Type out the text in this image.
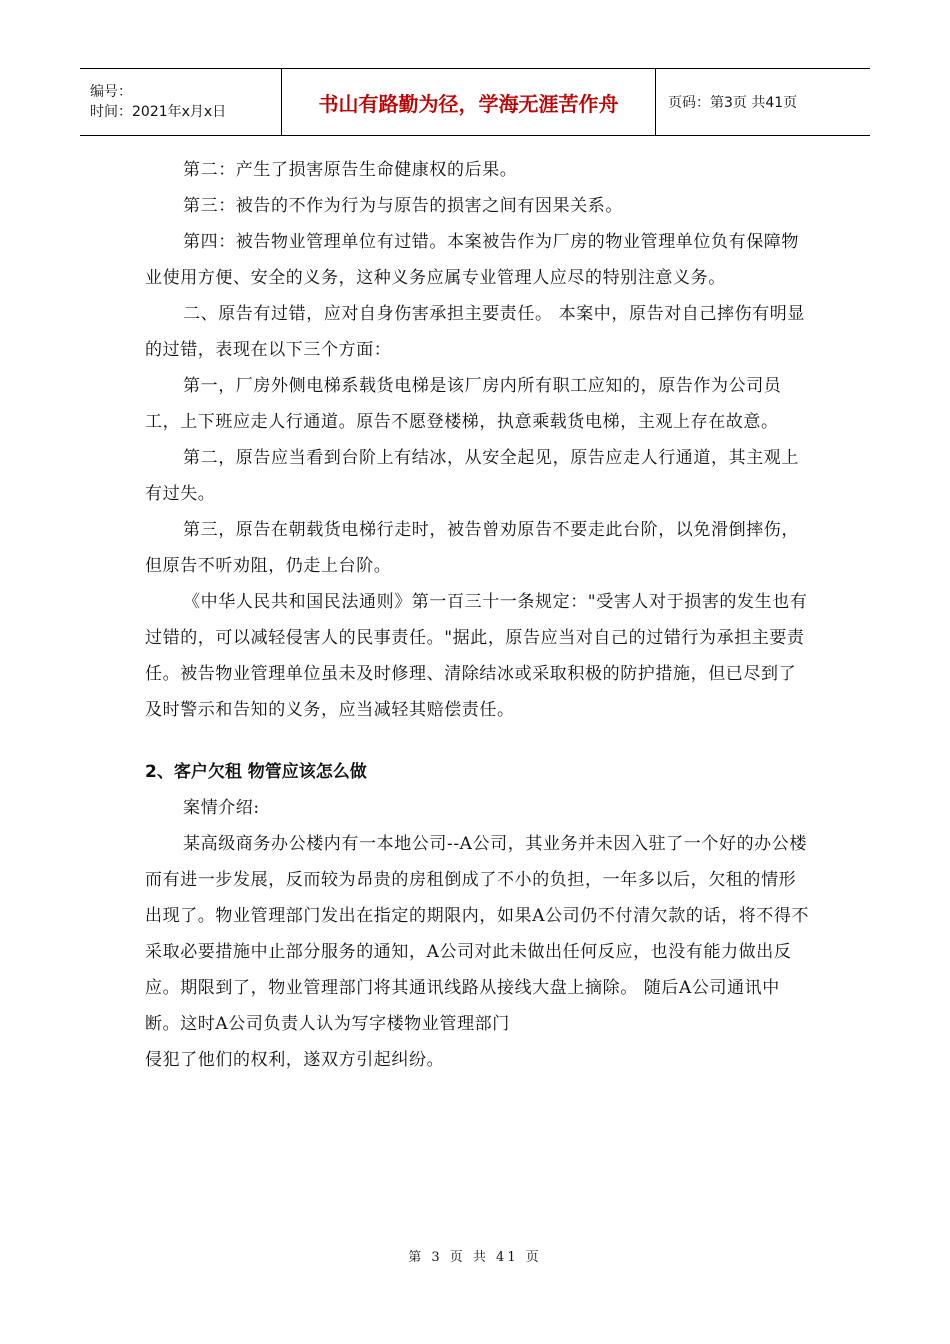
编号：
时间：2021年x月x日	书山有路勤为径，学海无涯苦作舟	页码：第3页 共41页

第二：产生了损害原告生命健康权的后果。

第三：被告的不作为行为与原告的损害之间有因果关系。

第四：被告物业管理单位有过错。本案被告作为厂房的物业管理单位负有保障物业使用方便、安全的义务，这种义务应属专业管理人应尽的特别注意义务。

二、原告有过错，应对自身伤害承担主要责任。 本案中，原告对自己摔伤有明显的过错，表现在以下三个方面：

第一，厂房外侧电梯系载货电梯是该厂房内所有职工应知的，原告作为公司员工，上下班应走人行通道。原告不愿登楼梯，执意乘载货电梯，主观上存在故意。

第二，原告应当看到台阶上有结冰，从安全起见，原告应走人行通道，其主观上有过失。

第三，原告在朝载货电梯行走时，被告曾劝原告不要走此台阶，以免滑倒摔伤，但原告不听劝阻，仍走上台阶。

《中华人民共和国民法通则》第一百三十一条规定："受害人对于损害的发生也有过错的，可以减轻侵害人的民事责任。"据此，原告应当对自己的过错行为承担主要责任。被告物业管理单位虽未及时修理、清除结冰或采取积极的防护措施，但已尽到了及时警示和告知的义务，应当减轻其赔偿责任。

2、客户欠租 物管应该怎么做

案情介绍:

某高级商务办公楼内有一本地公司--A公司，其业务并未因入驻了一个好的办公楼而有进一步发展，反而较为昂贵的房租倒成了不小的负担，一年多以后，欠租的情形出现了。物业管理部门发出在指定的期限内，如果A公司仍不付清欠款的话，将不得不采取必要措施中止部分服务的通知，A公司对此未做出任何反应，也没有能力做出反应。期限到了，物业管理部门将其通讯线路从接线大盘上摘除。 随后A公司通讯中断。这时A公司负责人认为写字楼物业管理部门

侵犯了他们的权利，遂双方引起纠纷。

第 3 页 共 41 页
